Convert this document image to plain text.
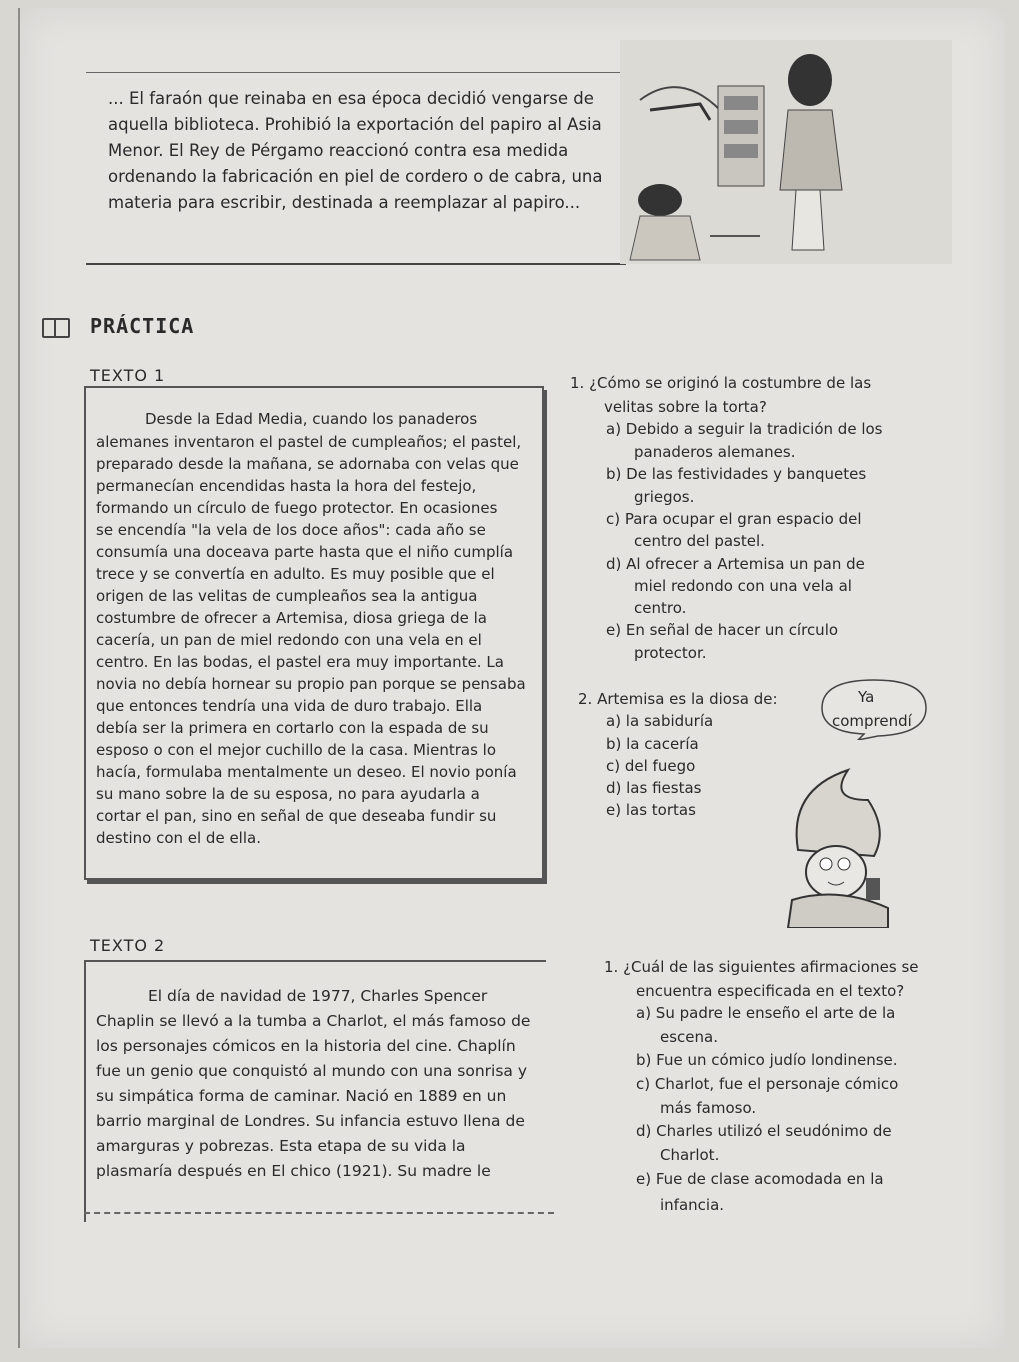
... El faraón que reinaba en esa época decidió vengarse de
aquella biblioteca. Prohibió la exportación del papiro al Asia
Menor. El Rey de Pérgamo reaccionó contra esa medida
ordenando la fabricación en piel de cordero o de cabra, una
materia para escribir, destinada a reemplazar al papiro...
PRÁCTICA
TEXTO 1
Desde la Edad Media, cuando los panaderos
alemanes inventaron el pastel de cumpleaños; el pastel,
preparado desde la mañana, se adornaba con velas que
permanecían encendidas hasta la hora del festejo,
formando un círculo de fuego protector. En ocasiones
se encendía "la vela de los doce años": cada año se
consumía una doceava parte hasta que el niño cumplía
trece y se convertía en adulto. Es muy posible que el
origen de las velitas de cumpleaños sea la antigua
costumbre de ofrecer a Artemisa, diosa griega de la
cacería, un pan de miel redondo con una vela en el
centro. En las bodas, el pastel era muy importante. La
novia no debía hornear su propio pan porque se pensaba
que entonces tendría una vida de duro trabajo. Ella
debía ser la primera en cortarlo con la espada de su
esposo o con el mejor cuchillo de la casa. Mientras lo
hacía, formulaba mentalmente un deseo. El novio ponía
su mano sobre la de su esposa, no para ayudarla a
cortar el pan, sino en señal de que deseaba fundir su
destino con el de ella.
1. ¿Cómo se originó la costumbre de las
velitas sobre la torta?
a) Debido a seguir la tradición de los
panaderos alemanes.
b) De las festividades y banquetes
griegos.
c) Para ocupar el gran espacio del
centro del pastel.
d) Al ofrecer a Artemisa un pan de
miel redondo con una vela al
centro.
e) En señal de hacer un círculo
protector.
2. Artemisa es la diosa de:
a) la sabiduría
b) la cacería
c) del fuego
d) las fiestas
e) las tortas
Ya
comprendí
TEXTO 2
El día de navidad de 1977, Charles Spencer
Chaplin se llevó a la tumba a Charlot, el más famoso de
los personajes cómicos en la historia del cine. Chaplín
fue un genio que conquistó al mundo con una sonrisa y
su simpática forma de caminar. Nació en 1889 en un
barrio marginal de Londres. Su infancia estuvo llena de
amarguras y pobrezas. Esta etapa de su vida la
plasmaría después en El chico (1921). Su madre le
1. ¿Cuál de las siguientes afirmaciones se
encuentra especificada en el texto?
a) Su padre le enseño el arte de la
escena.
b) Fue un cómico judío londinense.
c) Charlot, fue el personaje cómico
más famoso.
d) Charles utilizó el seudónimo de
Charlot.
e) Fue de clase acomodada en la
infancia.
